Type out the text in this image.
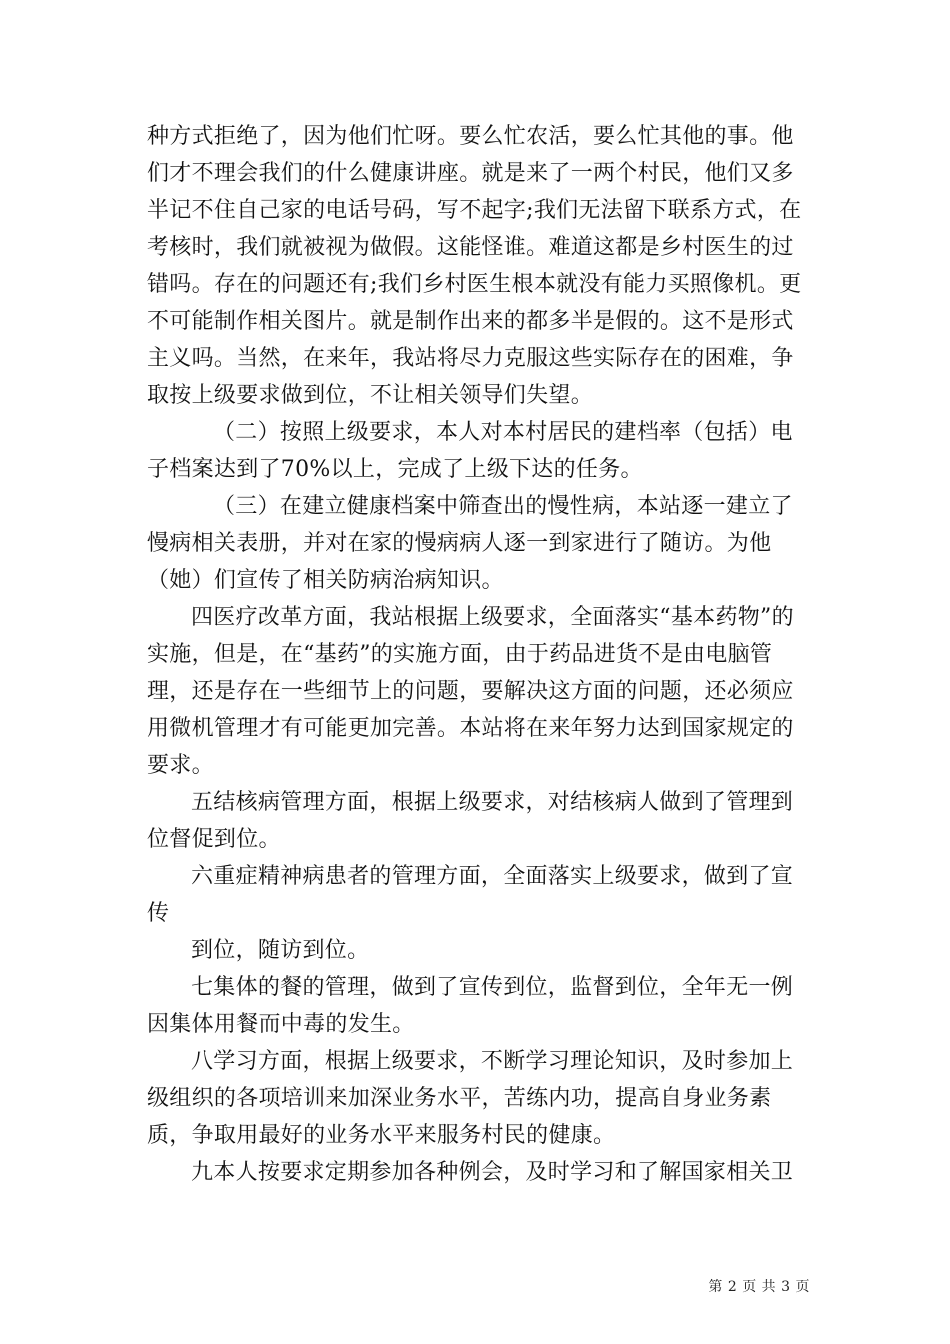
种方式拒绝了，因为他们忙呀。要么忙农活，要么忙其他的事。他们才不理会我们的什么健康讲座。就是来了一两个村民，他们又多半记不住自己家的电话号码，写不起字;我们无法留下联系方式，在考核时，我们就被视为做假。这能怪谁。难道这都是乡村医生的过错吗。存在的问题还有;我们乡村医生根本就没有能力买照像机。更不可能制作相关图片。就是制作出来的都多半是假的。这不是形式主义吗。当然，在来年，我站将尽力克服这些实际存在的困难，争取按上级要求做到位，不让相关领导们失望。

（二）按照上级要求，本人对本村居民的建档率（包括）电子档案达到了70%以上，完成了上级下达的任务。

（三）在建立健康档案中筛查出的慢性病，本站逐一建立了慢病相关表册，并对在家的慢病病人逐一到家进行了随访。为他（她）们宣传了相关防病治病知识。

四医疗改革方面，我站根据上级要求，全面落实“基本药物”的实施，但是，在“基药”的实施方面，由于药品进货不是由电脑管理，还是存在一些细节上的问题，要解决这方面的问题，还必须应用微机管理才有可能更加完善。本站将在来年努力达到国家规定的要求。

五结核病管理方面，根据上级要求，对结核病人做到了管理到位督促到位。

六重症精神病患者的管理方面，全面落实上级要求，做到了宣传

到位，随访到位。

七集体的餐的管理，做到了宣传到位，监督到位，全年无一例因集体用餐而中毒的发生。

八学习方面，根据上级要求，不断学习理论知识，及时参加上级组织的各项培训来加深业务水平，苦练内功，提高自身业务素质，争取用最好的业务水平来服务村民的健康。

九本人按要求定期参加各种例会，及时学习和了解国家相关卫

第 2 页 共 3 页
